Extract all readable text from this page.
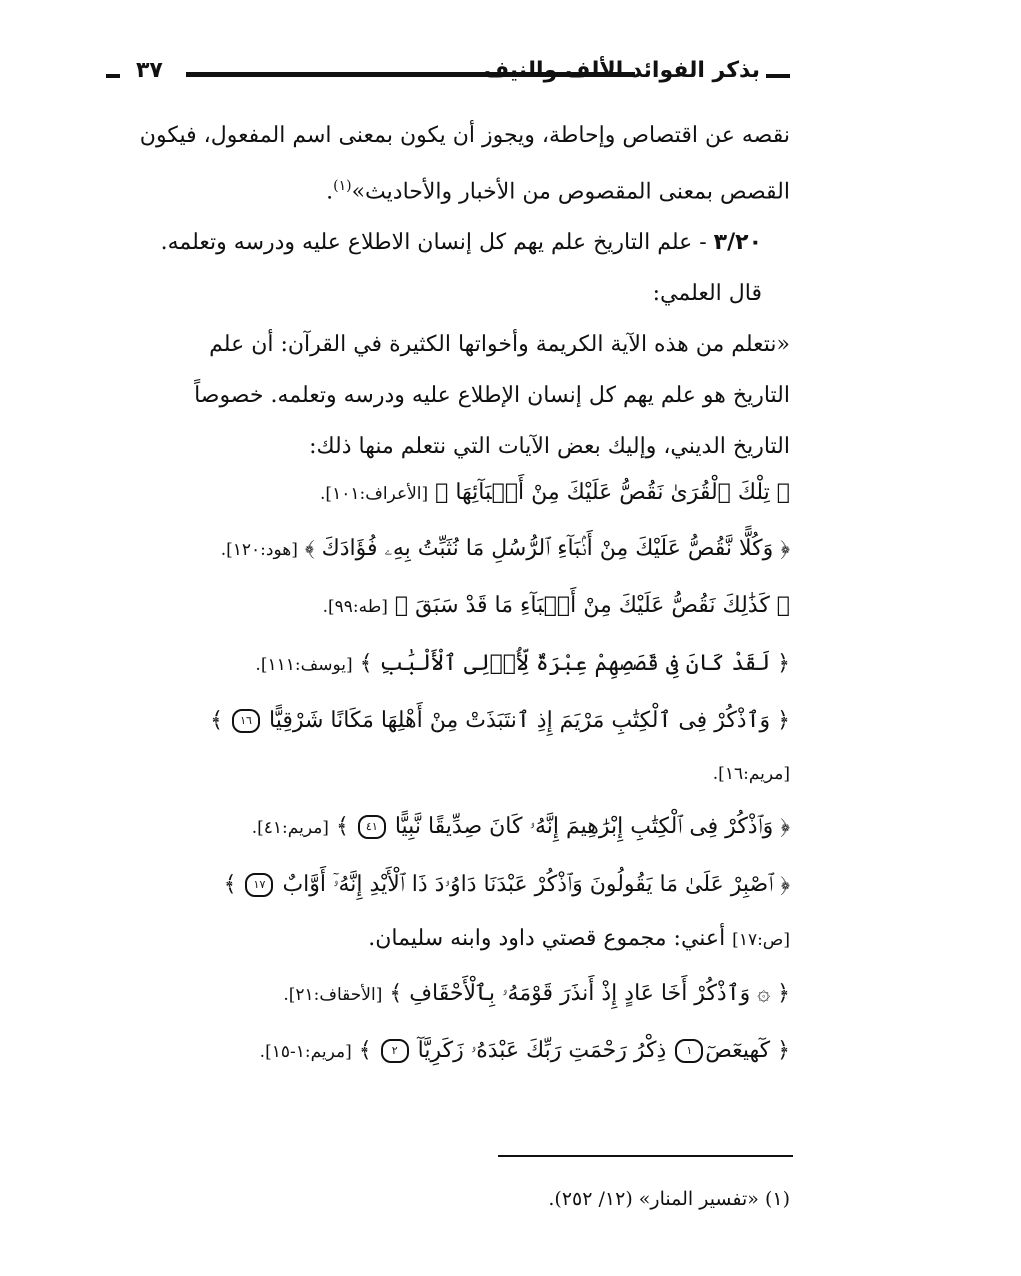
٣٧	بذكر الفوائد الألف والنيف
نقصه عن اقتصاص وإحاطة، ويجوز أن يكون بمعنى اسم المفعول، فيكون
القصص بمعنى المقصوص من الأخبار والأحاديث»$^{(١)}$.
٣/٢٠ - علم التاريخ علم يهم كل إنسان الاطلاع عليه ودرسه وتعلمه.
قال العلمي:
«نتعلم من هذه الآية الكريمة وأخواتها الكثيرة في القرآن: أن علم
التاريخ هو علم يهم كل إنسان الإطلاع عليه ودرسه وتعلمه. خصوصاً
التاريخ الديني، وإليك بعض الآيات التي نتعلم منها ذلك:
﴿ تِلْكَ ٱلْقُرَىٰ نَقُصُّ عَلَيْكَ مِنْ أَنۢبَآئِهَا ﴾ [الأعراف:١٠١].
﴿ وَكُلًّا نَّقُصُّ عَلَيْكَ مِنْ أَنۢبَآءِ ٱلرُّسُلِ مَا نُثَبِّتُ بِهِۦ فُؤَادَكَ ﴾ [هود:١٢٠].
﴿ كَذَٰلِكَ نَقُصُّ عَلَيْكَ مِنْ أَنۢبَآءِ مَا قَدْ سَبَقَ ﴾ [طه:٩٩].
﴿ لَقَدْ كَانَ فِى قَصَصِهِمْ عِبْرَةٌ لِّأُو۟لِى ٱلْأَلْبَٰبِ ﴾ [يوسف:١١١].
﴿ وَٱذْكُرْ فِى ٱلْكِتَٰبِ مَرْيَمَ إِذِ ٱنتَبَذَتْ مِنْ أَهْلِهَا مَكَانًا شَرْقِيًّا ١٦ ﴾
[مريم:١٦].
﴿ وَٱذْكُرْ فِى ٱلْكِتَٰبِ إِبْرَٰهِيمَ إِنَّهُۥ كَانَ صِدِّيقًا نَّبِيًّا ٤١ ﴾ [مريم:٤١].
﴿ ٱصْبِرْ عَلَىٰ مَا يَقُولُونَ وَٱذْكُرْ عَبْدَنَا دَاوُۥدَ ذَا ٱلْأَيْدِ إِنَّهُۥٓ أَوَّابٌ ١٧ ﴾
[ص:١٧] أعني: مجموع قصتي داود وابنه سليمان.
﴿ ۞ وَٱذْكُرْ أَخَا عَادٍ إِذْ أَنذَرَ قَوْمَهُۥ بِٱلْأَحْقَافِ ﴾ [الأحقاف:٢١].
﴿ كٓهيعٓصٓ١ ذِكْرُ رَحْمَتِ رَبِّكَ عَبْدَهُۥ زَكَرِيَّآ ٢ ﴾ [مريم:١-١٥].
(١) «تفسير المنار» (١٢/ ٢٥٢).
